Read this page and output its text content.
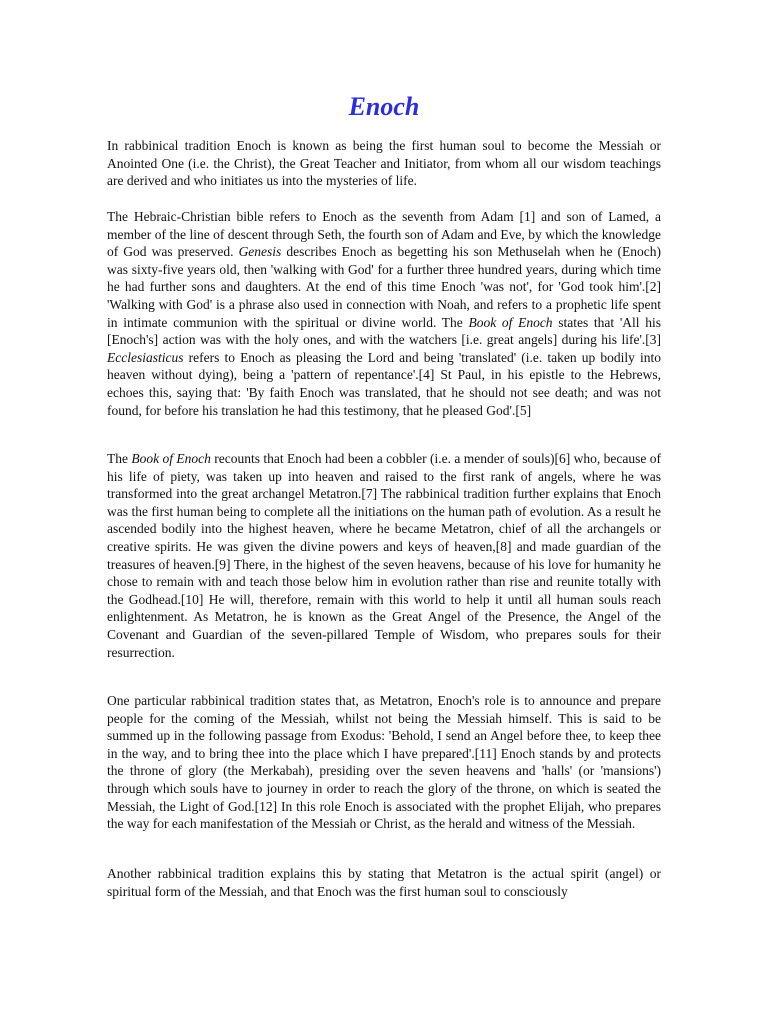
Enoch

In rabbinical tradition Enoch is known as being the first human soul to become the Messiah or Anointed One (i.e. the Christ), the Great Teacher and Initiator, from whom all our wisdom teachings are derived and who initiates us into the mysteries of life.

The Hebraic-Christian bible refers to Enoch as the seventh from Adam [1] and son of Lamed, a member of the line of descent through Seth, the fourth son of Adam and Eve, by which the knowledge of God was preserved. Genesis describes Enoch as begetting his son Methuselah when he (Enoch) was sixty-five years old, then 'walking with God' for a further three hundred years, during which time he had further sons and daughters. At the end of this time Enoch 'was not', for 'God took him'.[2] 'Walking with God' is a phrase also used in connection with Noah, and refers to a prophetic life spent in intimate communion with the spiritual or divine world. The Book of Enoch states that 'All his [Enoch's] action was with the holy ones, and with the watchers [i.e. great angels] during his life'.[3] Ecclesiasticus refers to Enoch as pleasing the Lord and being 'translated' (i.e. taken up bodily into heaven without dying), being a 'pattern of repentance'.[4] St Paul, in his epistle to the Hebrews, echoes this, saying that: 'By faith Enoch was translated, that he should not see death; and was not found, for before his translation he had this testimony, that he pleased God'.[5]

The Book of Enoch recounts that Enoch had been a cobbler (i.e. a mender of souls)[6] who, because of his life of piety, was taken up into heaven and raised to the first rank of angels, where he was transformed into the great archangel Metatron.[7] The rabbinical tradition further explains that Enoch was the first human being to complete all the initiations on the human path of evolution. As a result he ascended bodily into the highest heaven, where he became Metatron, chief of all the archangels or creative spirits. He was given the divine powers and keys of heaven,[8] and made guardian of the treasures of heaven.[9] There, in the highest of the seven heavens, because of his love for humanity he chose to remain with and teach those below him in evolution rather than rise and reunite totally with the Godhead.[10] He will, therefore, remain with this world to help it until all human souls reach enlightenment. As Metatron, he is known as the Great Angel of the Presence, the Angel of the Covenant and Guardian of the seven-pillared Temple of Wisdom, who prepares souls for their resurrection.

One particular rabbinical tradition states that, as Metatron, Enoch's role is to announce and prepare people for the coming of the Messiah, whilst not being the Messiah himself. This is said to be summed up in the following passage from Exodus: 'Behold, I send an Angel before thee, to keep thee in the way, and to bring thee into the place which I have prepared'.[11] Enoch stands by and protects the throne of glory (the Merkabah), presiding over the seven heavens and 'halls' (or 'mansions') through which souls have to journey in order to reach the glory of the throne, on which is seated the Messiah, the Light of God.[12] In this role Enoch is associated with the prophet Elijah, who prepares the way for each manifestation of the Messiah or Christ, as the herald and witness of the Messiah.

Another rabbinical tradition explains this by stating that Metatron is the actual spirit (angel) or spiritual form of the Messiah, and that Enoch was the first human soul to consciously
